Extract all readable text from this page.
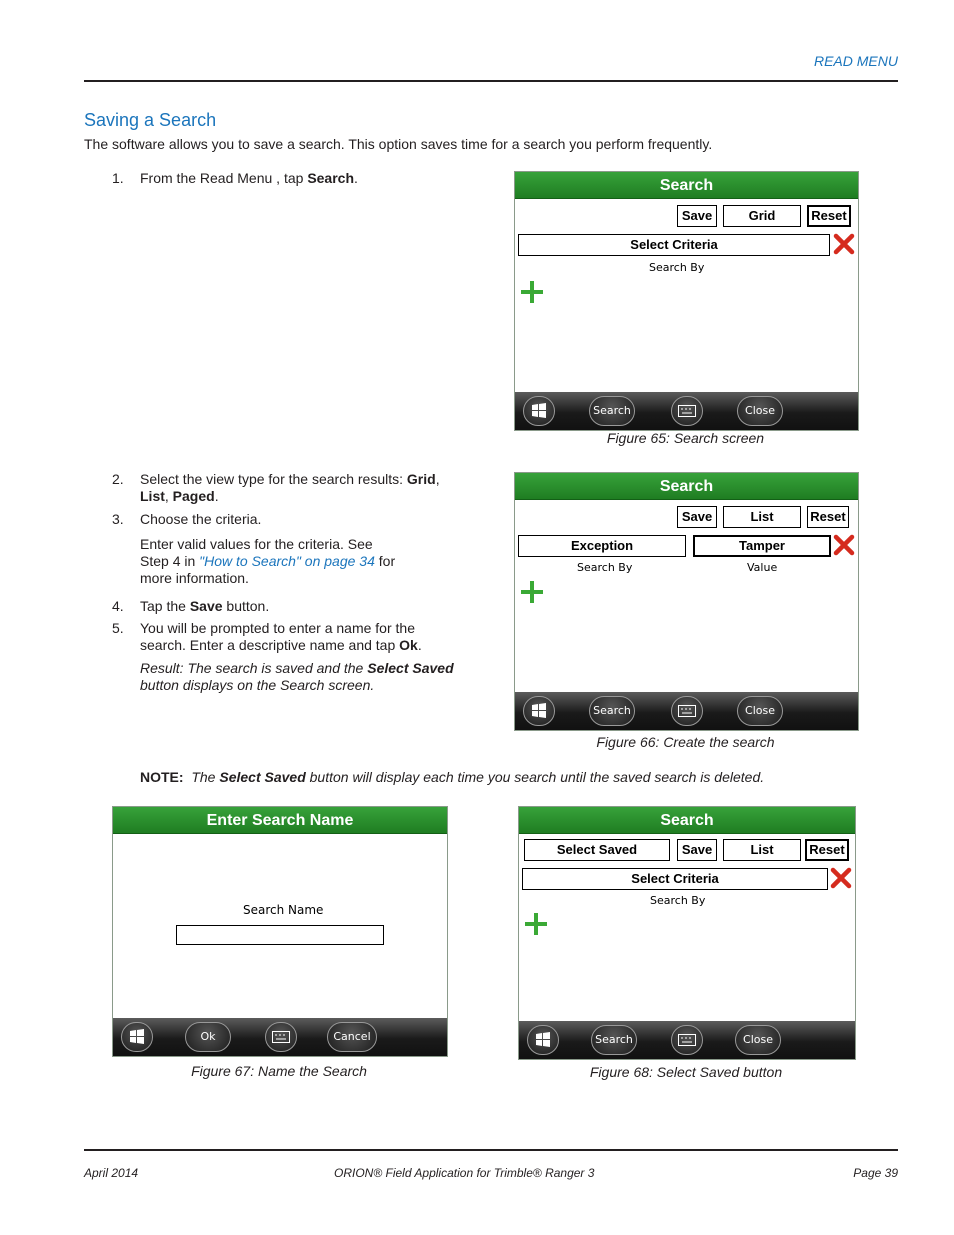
READ MENU
Saving a Search
The software allows you to save a search. This option saves time for a search you perform frequently.
1. From the Read Menu , tap Search.	Search
Save	Grid	Reset
Select Criteria
Search By
Search	Close
Figure 65: Search screen
2. Select the view type for the search results: Grid,
List, Paged.
3. Choose the criteria.
Enter valid values for the criteria. See
Step 4 in "How to Search" on page 34 for
more information.
4. Tap the Save button.
5. You will be prompted to enter a name for the
search. Enter a descriptive name and tap Ok.
Result: The search is saved and the Select Saved
button displays on the Search screen.
Search
Save	List	Reset
Exception	Tamper
Search By	Value
Search	Close
Figure 66: Create the search
NOTE: The Select Saved button will display each time you search until the saved search is deleted.
Enter Search Name
Search Name
Ok	Cancel
Figure 67: Name the Search
Search
Select Saved	Save	List	Reset
Select Criteria
Search By
Search	Close
Figure 68: Select Saved button
April 2014	ORION® Field Application for Trimble® Ranger 3	Page 39
